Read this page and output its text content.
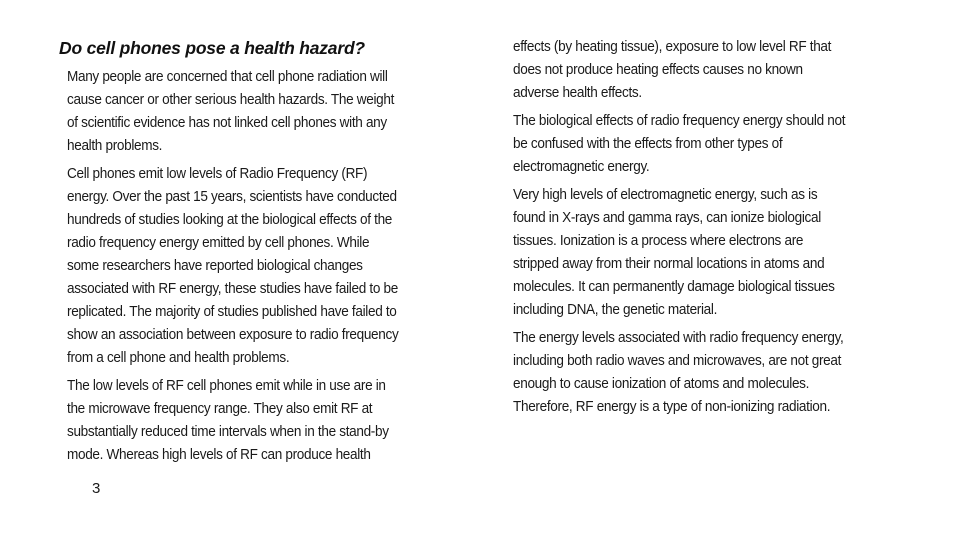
Do cell phones pose a health hazard?

Many people are concerned that cell phone radiation will
cause cancer or other serious health hazards. The weight
of scientific evidence has not linked cell phones with any
health problems.

Cell phones emit low levels of Radio Frequency (RF)
energy. Over the past 15 years, scientists have conducted
hundreds of studies looking at the biological effects of the
radio frequency energy emitted by cell phones. While
some researchers have reported biological changes
associated with RF energy, these studies have failed to be
replicated. The majority of studies published have failed to
show an association between exposure to radio frequency
from a cell phone and health problems.

The low levels of RF cell phones emit while in use are in
the microwave frequency range. They also emit RF at
substantially reduced time intervals when in the stand-by
mode. Whereas high levels of RF can produce health

effects (by heating tissue), exposure to low level RF that
does not produce heating effects causes no known
adverse health effects.

The biological effects of radio frequency energy should not
be confused with the effects from other types of
electromagnetic energy.

Very high levels of electromagnetic energy, such as is
found in X-rays and gamma rays, can ionize biological
tissues. Ionization is a process where electrons are
stripped away from their normal locations in atoms and
molecules. It can permanently damage biological tissues
including DNA, the genetic material.

The energy levels associated with radio frequency energy,
including both radio waves and microwaves, are not great
enough to cause ionization of atoms and molecules.
Therefore, RF energy is a type of non-ionizing radiation.

3
